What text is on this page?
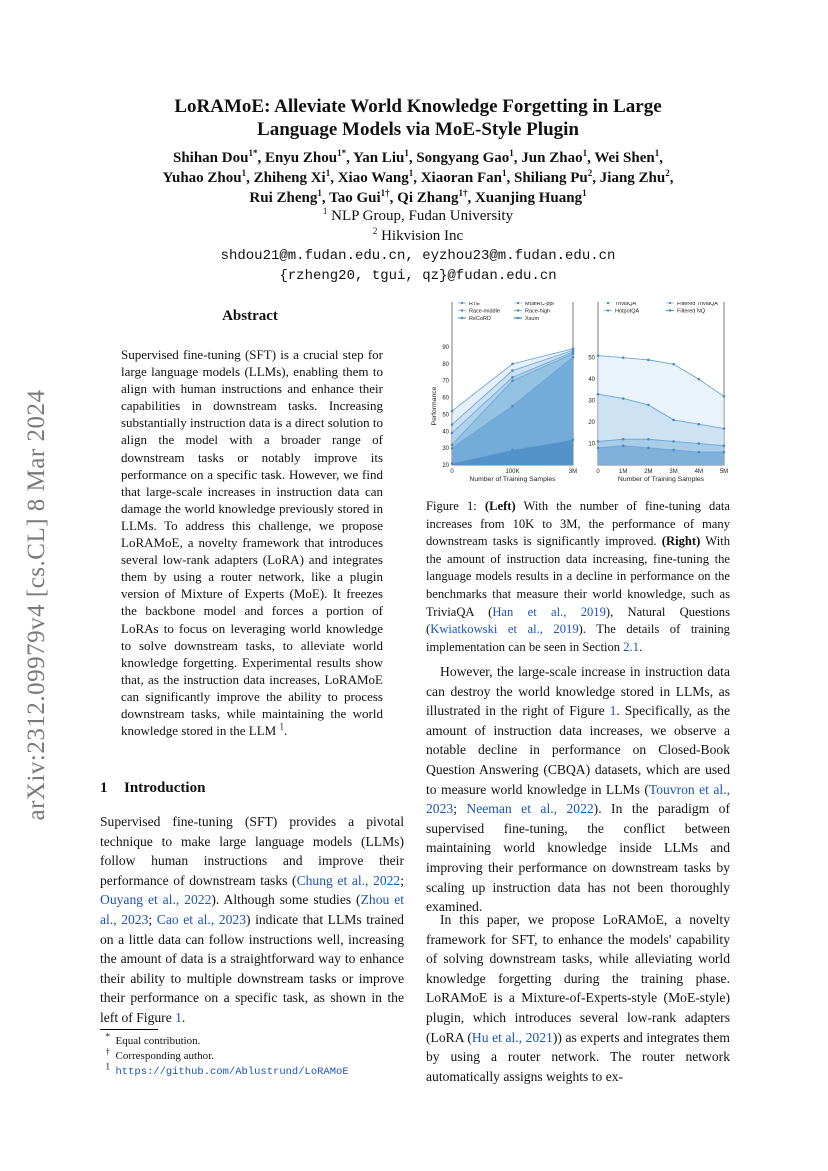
arXiv:2312.09979v4 [cs.CL] 8 Mar 2024
LoRAMoE: Alleviate World Knowledge Forgetting in Large
Language Models via MoE-Style Plugin
Shihan Dou$^{1*}$, Enyu Zhou$^{1*}$, Yan Liu$^1$, Songyang Gao$^1$, Jun Zhao$^1$, Wei Shen$^1$,
Yuhao Zhou$^1$, Zhiheng Xi$^1$, Xiao Wang$^1$, Xiaoran Fan$^1$, Shiliang Pu$^2$, Jiang Zhu$^2$,
Rui Zheng$^1$, Tao Gui$^{1\dagger}$, Qi Zhang$^{1\dagger}$, Xuanjing Huang$^1$
$^1$ NLP Group, Fudan University
$^2$ Hikvision Inc
shdou21@m.fudan.edu.cn, eyzhou23@m.fudan.edu.cn
{rzheng20, tgui, qz}@fudan.edu.cn
Abstract
Supervised fine-tuning (SFT) is a crucial step for large language models (LLMs), enabling them to align with human instructions and enhance their capabilities in downstream tasks. Increasing substantially instruction data is a direct solution to align the model with a broader range of downstream tasks or notably improve its performance on a specific task. However, we find that large-scale increases in instruction data can damage the world knowledge previously stored in LLMs. To address this challenge, we propose LoRAMoE, a novelty framework that introduces several low-rank adapters (LoRA) and integrates them by using a router network, like a plugin version of Mixture of Experts (MoE). It freezes the backbone model and forces a portion of LoRAs to focus on leveraging world knowledge to solve downstream tasks, to alleviate world knowledge forgetting. Experimental results show that, as the instruction data increases, LoRAMoE can significantly improve the ability to process downstream tasks, while maintaining the world knowledge stored in the LLM $^1$.
1 Introduction
Supervised fine-tuning (SFT) provides a pivotal technique to make large language models (LLMs) follow human instructions and improve their performance of downstream tasks (Chung et al., 2022; Ouyang et al., 2022). Although some studies (Zhou et al., 2023; Cao et al., 2023) indicate that LLMs trained on a little data can follow instructions well, increasing the amount of data is a straightforward way to enhance their ability to multiple downstream tasks or improve their performance on a specific task, as shown in the left of Figure 1.
* Equal contribution.
† Corresponding author.
$^1$ https://github.com/Ablustrund/LoRAMoE
0	100K	3M
20
30
40
50
60
70
80
90
Number of Training Samples
Performance
RTE	MultiRC-ppl
Race-middle	Race-high
ReCoRD	Xsum
0	1M	2M	3M	4M	5M
10
20
30
40
50
Number of Training Samples
TriviaQA	Filtered TriviaQA
HotpotQA	Filtered NQ
Figure 1: (Left) With the number of fine-tuning data increases from 10K to 3M, the performance of many downstream tasks is significantly improved. (Right) With the amount of instruction data increasing, fine-tuning the language models results in a decline in performance on the benchmarks that measure their world knowledge, such as TriviaQA (Han et al., 2019), Natural Questions (Kwiatkowski et al., 2019). The details of training implementation can be seen in Section 2.1.
However, the large-scale increase in instruction data can destroy the world knowledge stored in LLMs, as illustrated in the right of Figure 1. Specifically, as the amount of instruction data increases, we observe a notable decline in performance on Closed-Book Question Answering (CBQA) datasets, which are used to measure world knowledge in LLMs (Touvron et al., 2023; Neeman et al., 2022). In the paradigm of supervised fine-tuning, the conflict between maintaining world knowledge inside LLMs and improving their performance on downstream tasks by scaling up instruction data has not been thoroughly examined.
In this paper, we propose LoRAMoE, a novelty framework for SFT, to enhance the models' capability of solving downstream tasks, while alleviating world knowledge forgetting during the training phase. LoRAMoE is a Mixture-of-Experts-style (MoE-style) plugin, which introduces several low-rank adapters (LoRA (Hu et al., 2021)) as experts and integrates them by using a router network. The router network automatically assigns weights to ex-
